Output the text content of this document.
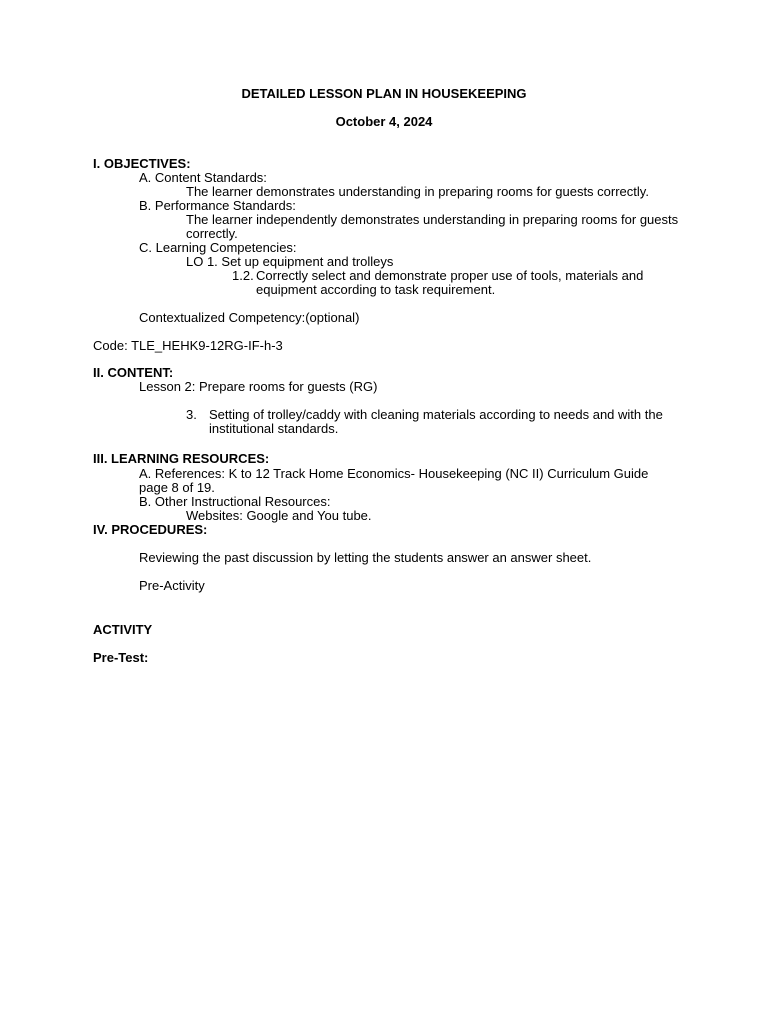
DETAILED LESSON PLAN IN HOUSEKEEPING

October 4, 2024

I. OBJECTIVES:

A. Content Standards:

The learner demonstrates understanding in preparing rooms for guests correctly.

B. Performance Standards:

The learner independently demonstrates understanding in preparing rooms for guests

correctly.

C. Learning Competencies:

LO 1. Set up equipment and trolleys

1.2. Correctly select and demonstrate proper use of tools, materials and

equipment according to task requirement.

Contextualized Competency:(optional)

Code: TLE_HEHK9-12RG-IF-h-3

II. CONTENT:

Lesson 2: Prepare rooms for guests (RG)

3. Setting of trolley/caddy with cleaning materials according to needs and with the

institutional standards.

III. LEARNING RESOURCES:

A. References: K to 12 Track Home Economics- Housekeeping (NC II) Curriculum Guide

page 8 of 19.

B. Other Instructional Resources:

Websites: Google and You tube.

IV. PROCEDURES:

Reviewing the past discussion by letting the students answer an answer sheet.

Pre-Activity

ACTIVITY

Pre-Test:
